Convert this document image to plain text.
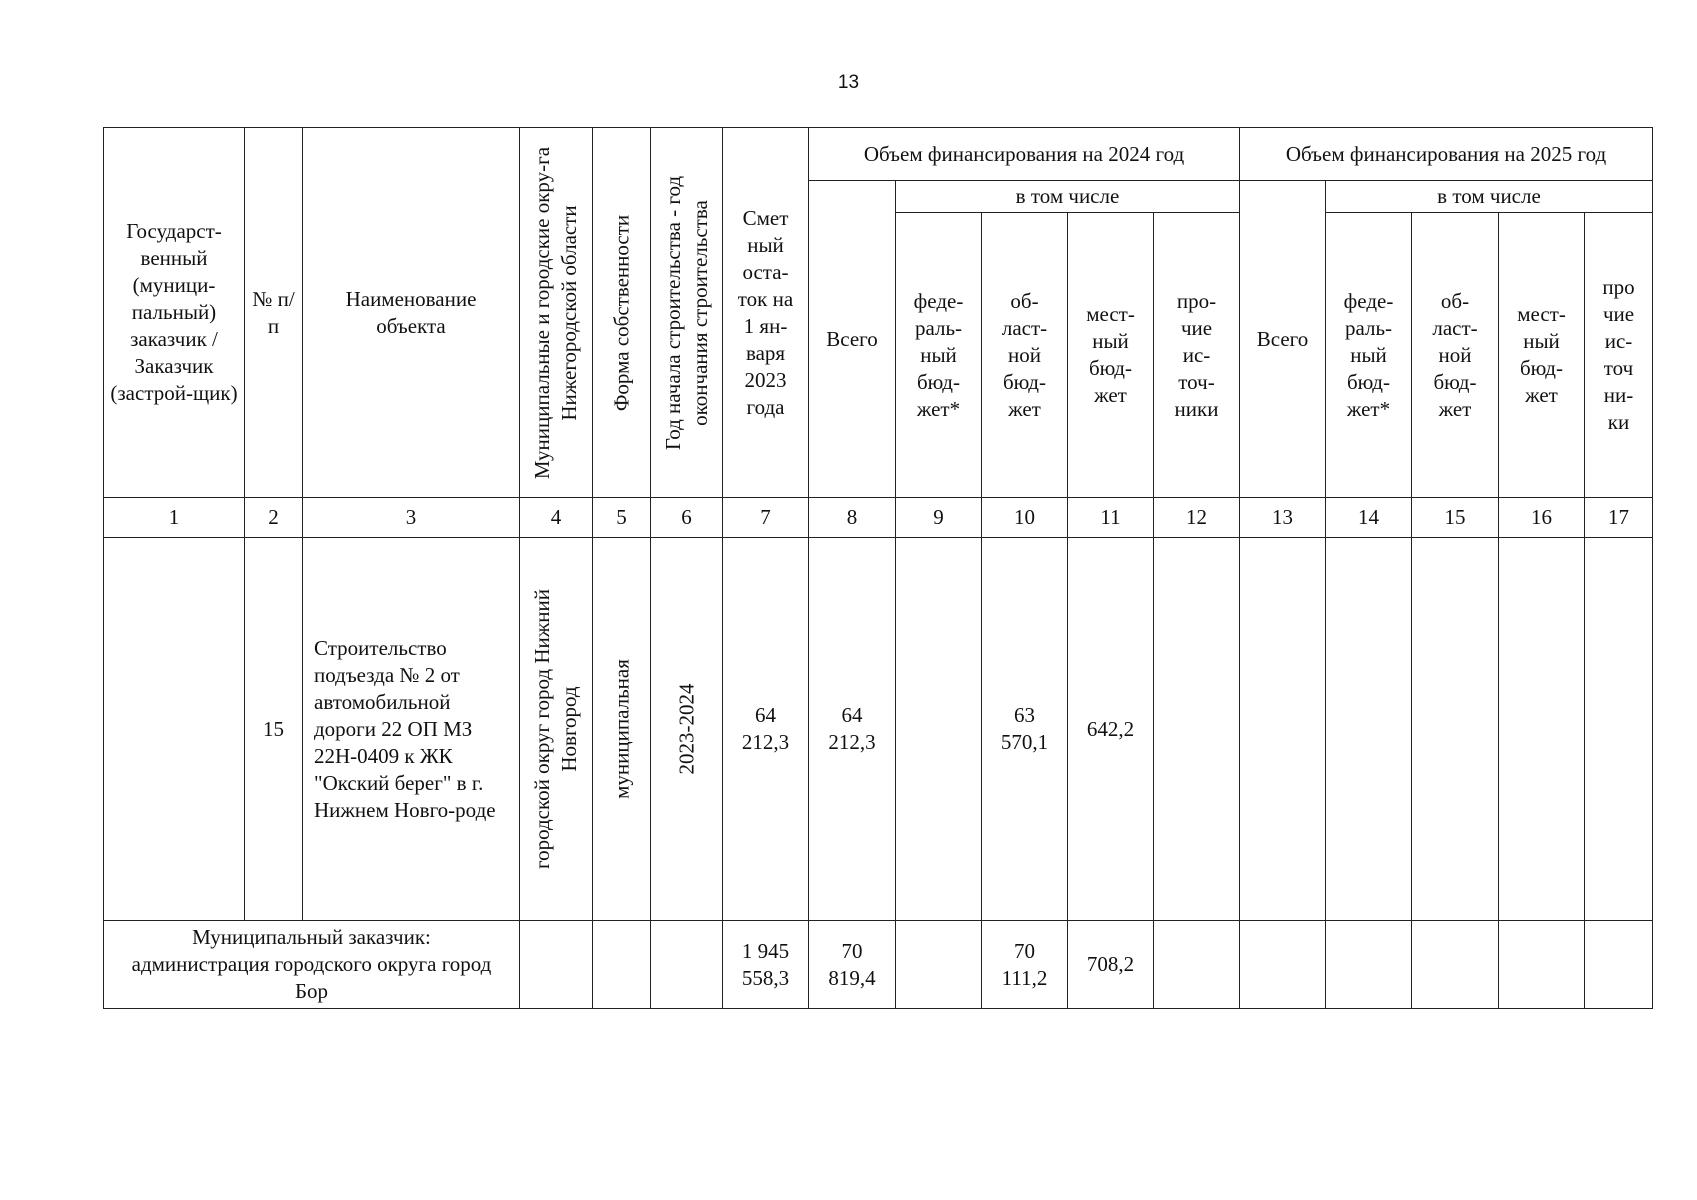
13
Государст-венный (муници-пальный) заказчик / Заказчик (застрой-щик)	№ п/п	Наименование объекта	Муниципальные и городские окру-га Нижегородской области	Форма собственности	Год начала строительства - год окончания строительства	Смет ный оста-ток на 1 ян-варя 2023 года	Объем финансирования на 2024 год					Объем финансирования на 2025 год				
							Всего	в том числе				Всего	в том числе			

								феде-раль-ный бюд-жет*	об-ласт-ной бюд-жет	мест-ный бюд-жет	про-чие ис-точ-ники		феде-раль-ный бюд-жет*	об-ласт-ной бюд-жет	мест-ный бюд-жет	про чие ис-точ ни-ки

1	2	3	4	5	6	7	8	9	10	11	12	13	14	15	16	17
	15	Строительство подъезда № 2 от автомобильной дороги 22 ОП МЗ 22Н-0409 к ЖК "Окский берег" в г. Нижнем Новго-роде	городской округ город Нижний Новгород	муниципальная	2023-2024	64 212,3	64 212,3		63 570,1	642,2						

Муниципальный заказчик: администрация городского округа город Бор						1 945 558,3	70 819,4		70 111,2	708,2						
